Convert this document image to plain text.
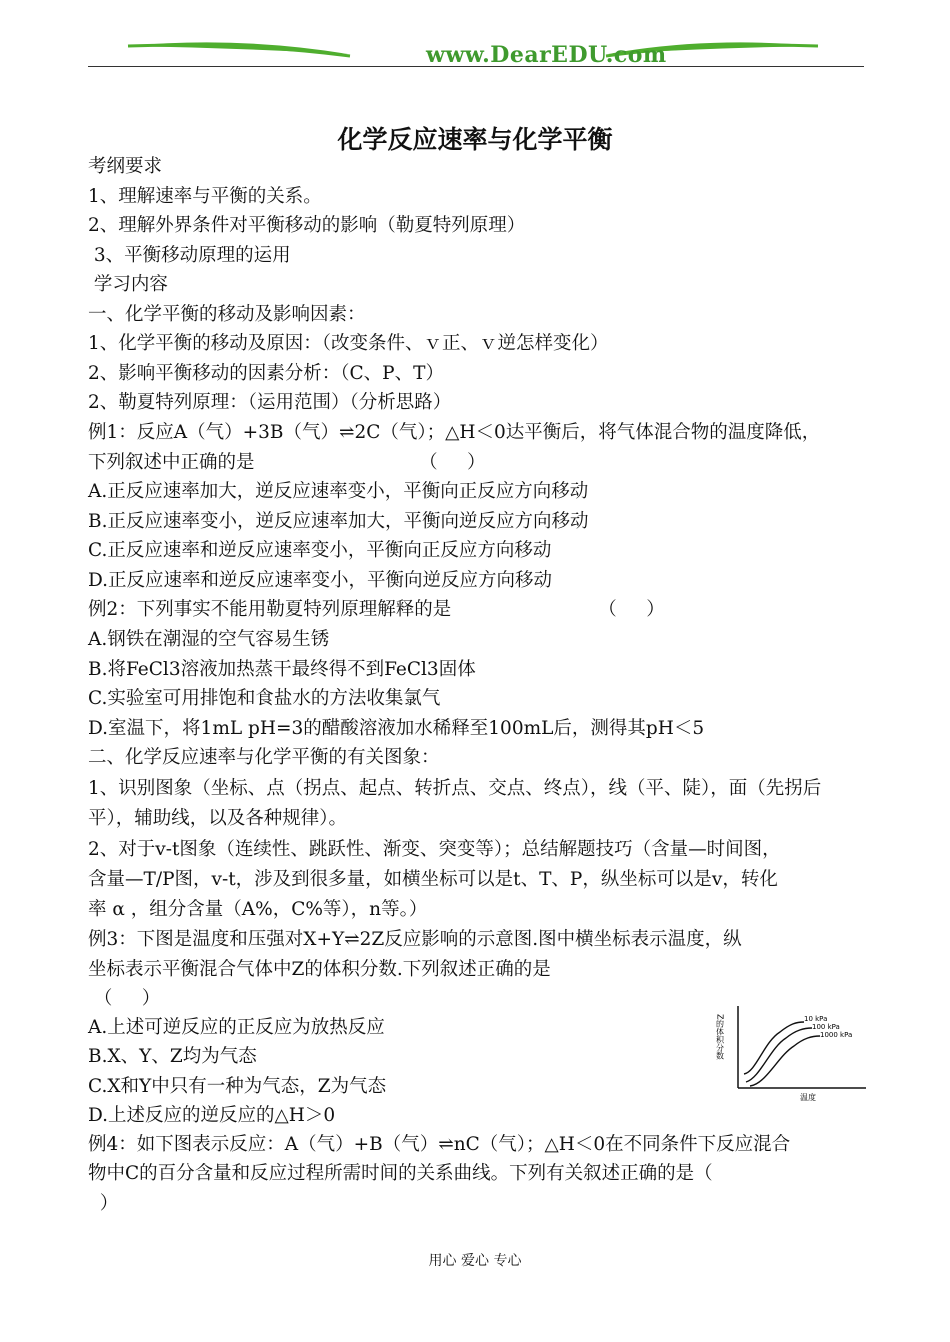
www.DearEDU.com
化学反应速率与化学平衡
考纲要求
1、理解速率与平衡的关系。
2、理解外界条件对平衡移动的影响（勒夏特列原理）
3、平衡移动原理的运用
学习内容
一、化学平衡的移动及影响因素：
1、化学平衡的移动及原因：（改变条件、ｖ正、ｖ逆怎样变化）
2、影响平衡移动的因素分析：（C、P、T）
2、勒夏特列原理：（运用范围）（分析思路）
例1：反应A（气）+3B（气）⇌2C（气）；△H＜0达平衡后，将气体混合物的温度降低，
下列叙述中正确的是                            （     ）
A.正反应速率加大，逆反应速率变小，平衡向正反应方向移动
B.正反应速率变小，逆反应速率加大，平衡向逆反应方向移动
C.正反应速率和逆反应速率变小，平衡向正反应方向移动
D.正反应速率和逆反应速率变小，平衡向逆反应方向移动
例2：下列事实不能用勒夏特列原理解释的是                         （     ）
A.钢铁在潮湿的空气容易生锈
B.将FeCl3溶液加热蒸干最终得不到FeCl3固体
C.实验室可用排饱和食盐水的方法收集氯气
D.室温下，将1mL pH=3的醋酸溶液加水稀释至100mL后，测得其pH＜5
二、化学反应速率与化学平衡的有关图象：
1、识别图象（坐标、点（拐点、起点、转折点、交点、终点），线（平、陡），面（先拐后
平），辅助线，以及各种规律）。
2、对于v-t图象（连续性、跳跃性、渐变、突变等）；总结解题技巧（含量—时间图，
含量—T/P图，v-t，涉及到很多量，如横坐标可以是t、T、P，纵坐标可以是v，转化
率 α ，组分含量（A%，C%等），n等。）
例3：下图是温度和压强对X+Y⇌2Z反应影响的示意图.图中横坐标表示温度，纵
坐标表示平衡混合气体中Z的体积分数.下列叙述正确的是
（     ）
A.上述可逆反应的正反应为放热反应
B.X、Y、Z均为气态
C.X和Y中只有一种为气态，Z为气态
D.上述反应的逆反应的△H＞0
例4：如下图表示反应：A（气）+B（气）⇌nC（气）；△H＜0在不同条件下反应混合
物中C的百分含量和反应过程所需时间的关系曲线。下列有关叙述正确的是（
）
Z的体积分数
温度
10 kPa
100 kPa
1000 kPa
用心 爱心 专心
